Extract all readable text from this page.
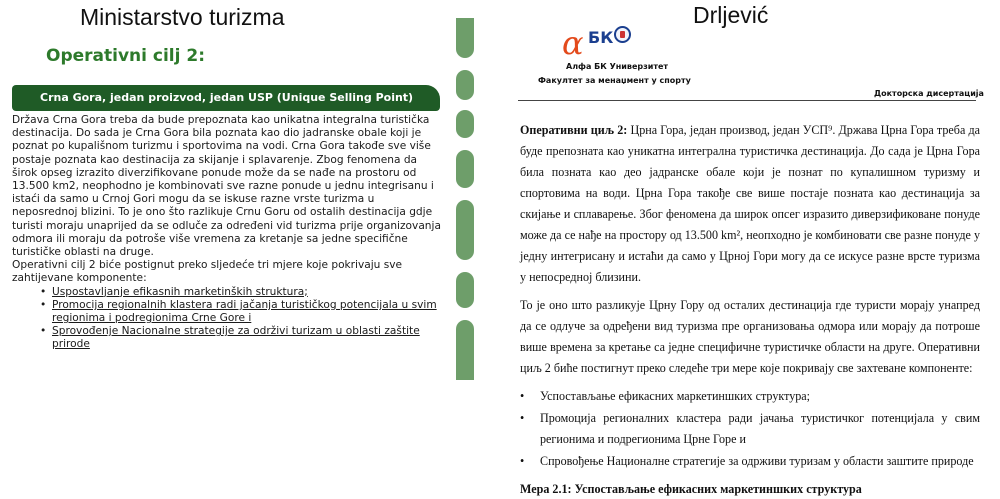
Ministarstvo turizma
Operativni cilj 2:
Crna Gora, jedan proizvod, jedan USP (Unique Selling Point)

Država Crna Gora treba da bude prepoznata kao unikatna integralna turistička destinacija. Do sada je Crna Gora bila poznata kao dio jadranske obale koji je poznat po kupališnom turizmu i sportovima na vodi. Crna Gora takođe sve više postaje poznata kao destinacija za skijanje i splavarenje. Zbog fenomena da širok opseg izrazito diverzifikovane ponude može da se nađe na prostoru od 13.500 km2, neophodno je kombinovati sve razne ponude u jednu integrisanu i istaći da samo u Crnoj Gori mogu da se iskuse razne vrste turizma u neposrednoj blizini. To je ono što razlikuje Crnu Goru od ostalih destinacija gdje turisti moraju unaprijed da se odluče za određeni vid turizma prije organizovanja odmora ili moraju da potroše više vremena za kretanje sa jedne specifične turističke oblasti na druge.

Operativni cilj 2 biće postignut preko sljedeće tri mjere koje pokrivaju sve zahtijevane komponente:

• Uspostavljanje efikasnih marketinških struktura;
• Promocija regionalnih klastera radi jačanja turističkog potencijala u svim regionima i podregionima Crne Gore i
• Sprovođenje Nacionalne strategije za održivi turizam u oblasti zaštite prirode
Drljević
α БК
Алфа БК Универзитет
Факултет за менаџмент у спорту
Докторска дисертација

Оперативни циљ 2: Црна Гора, један производ, један УСП⁹. Држава Црна Гора треба да буде препозната као уникатна интегрална туристичка дестинација. До сада је Црна Гора била позната као део јадранске обале који је познат по купалишном туризму и спортовима на води. Црна Гора такође све више постаје позната као дестинација за скијање и сплаварење. Због феномена да широк опсег изразито диверзификоване понуде може да се нађе на простору од 13.500 km², неопходно је комбиновати све разне понуде у једну интегрисану и истаћи да само у Црној Гори могу да се искусе разне врсте туризма у непосредној близини.

То је оно што разликује Црну Гору од осталих дестинација где туристи морају унапред да се одлуче за одређени вид туризма пре организовања одмора или морају да потроше више времена за кретање са једне специфичне туристичке области на друге. Оперативни циљ 2 биће постигнут преко следеће три мере које покривају све захтеване компоненте:

• Успостављање ефикасних маркетиншких структура;
• Промоција регионалних кластера ради јачања туристичког потенцијала у свим регионима и подрегионима Црне Горе и
• Спровођење Националне стратегије за одрживи туризам у области заштите природе
Мера 2.1: Успостављање ефикасних маркетиншких структура
